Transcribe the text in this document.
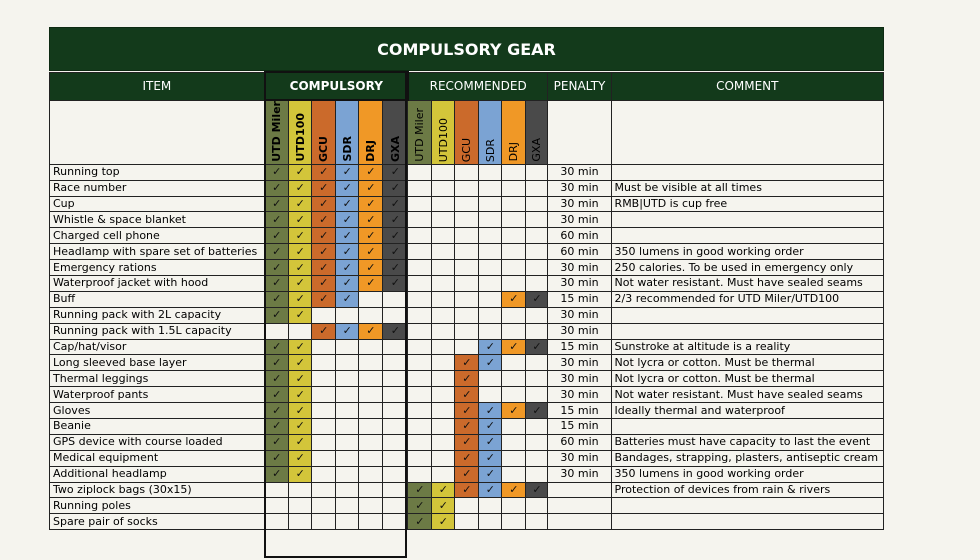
COMPULSORY GEAR
ITEM	COMPULSORY						RECOMMENDED						PENALTY	COMMENT

	UTD Miler	UTD100	GCU	SDR	DRJ	GXA	UTD Miler	UTD100	GCU	SDR	DRJ	GXA		

Running top	✓	✓	✓	✓	✓	✓							30 min	
Race number	✓	✓	✓	✓	✓	✓							30 min	Must be visible at all times
Cup	✓	✓	✓	✓	✓	✓							30 min	RMB|UTD is cup free
Whistle & space blanket	✓	✓	✓	✓	✓	✓							30 min	
Charged cell phone	✓	✓	✓	✓	✓	✓							60 min	
Headlamp with spare set of batteries	✓	✓	✓	✓	✓	✓							60 min	350 lumens in good working order
Emergency rations	✓	✓	✓	✓	✓	✓							30 min	250 calories. To be used in emergency only
Waterproof jacket with hood	✓	✓	✓	✓	✓	✓							30 min	Not water resistant. Must have sealed seams
Buff	✓	✓	✓	✓							✓	✓	15 min	2/3 recommended for UTD Miler/UTD100
Running pack with 2L capacity	✓	✓											30 min	
Running pack with 1.5L capacity			✓	✓	✓	✓							30 min	
Cap/hat/visor	✓	✓								✓	✓	✓	15 min	Sunstroke at altitude is a reality
Long sleeved base layer	✓	✓							✓	✓			30 min	Not lycra or cotton. Must be thermal
Thermal leggings	✓	✓							✓				30 min	Not lycra or cotton. Must be thermal
Waterproof pants	✓	✓							✓				30 min	Not water resistant. Must have sealed seams
Gloves	✓	✓							✓	✓	✓	✓	15 min	Ideally thermal and waterproof
Beanie	✓	✓							✓	✓			15 min	
GPS device with course loaded	✓	✓							✓	✓			60 min	Batteries must have capacity to last the event
Medical equipment	✓	✓							✓	✓			30 min	Bandages, strapping, plasters, antiseptic cream
Additional headlamp	✓	✓							✓	✓			30 min	350 lumens in good working order
Two ziplock bags (30x15)							✓	✓	✓	✓	✓	✓		Protection of devices from rain & rivers
Running poles							✓	✓						
Spare pair of socks							✓	✓						
